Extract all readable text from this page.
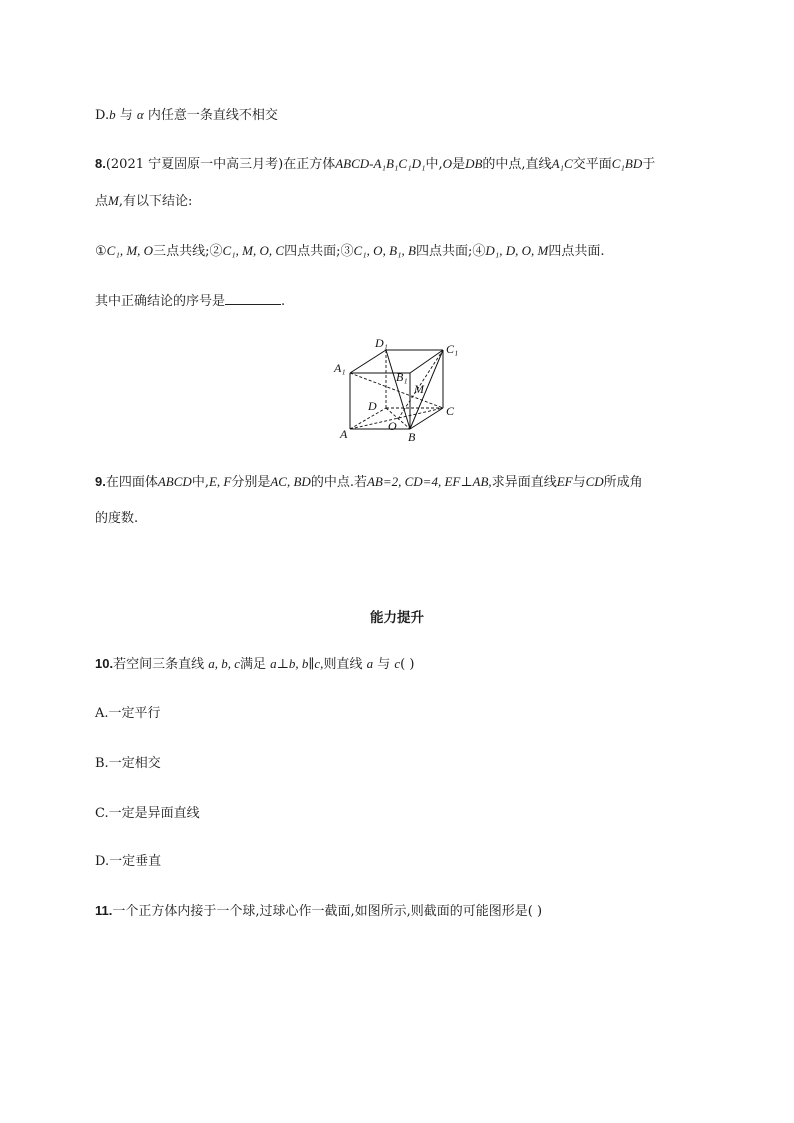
D.b 与 α 内任意一条直线不相交
8.(2021 宁夏固原一中高三月考)在正方体ABCD-A₁B₁C₁D₁中,O是DB的中点,直线A₁C交平面C₁BD于
点M,有以下结论:
①C₁, M, O三点共线;②C₁, M, O, C四点共面;③C₁, O, B₁, B四点共面;④D₁, D, O, M四点共面.
其中正确结论的序号是	.
D₁	C₁
A₁
B₁
M
D	C
A
O
B
9.在四面体ABCD中,E, F分别是AC, BD的中点.若AB=2, CD=4, EF⊥AB,求异面直线EF与CD所成角
的度数.
能力提升
10.若空间三条直线 a, b, c满足 a⊥b, b∥c,则直线 a 与 c( )
A.一定平行
B.一定相交
C.一定是异面直线
D.一定垂直
11.一个正方体内接于一个球,过球心作一截面,如图所示,则截面的可能图形是( )
